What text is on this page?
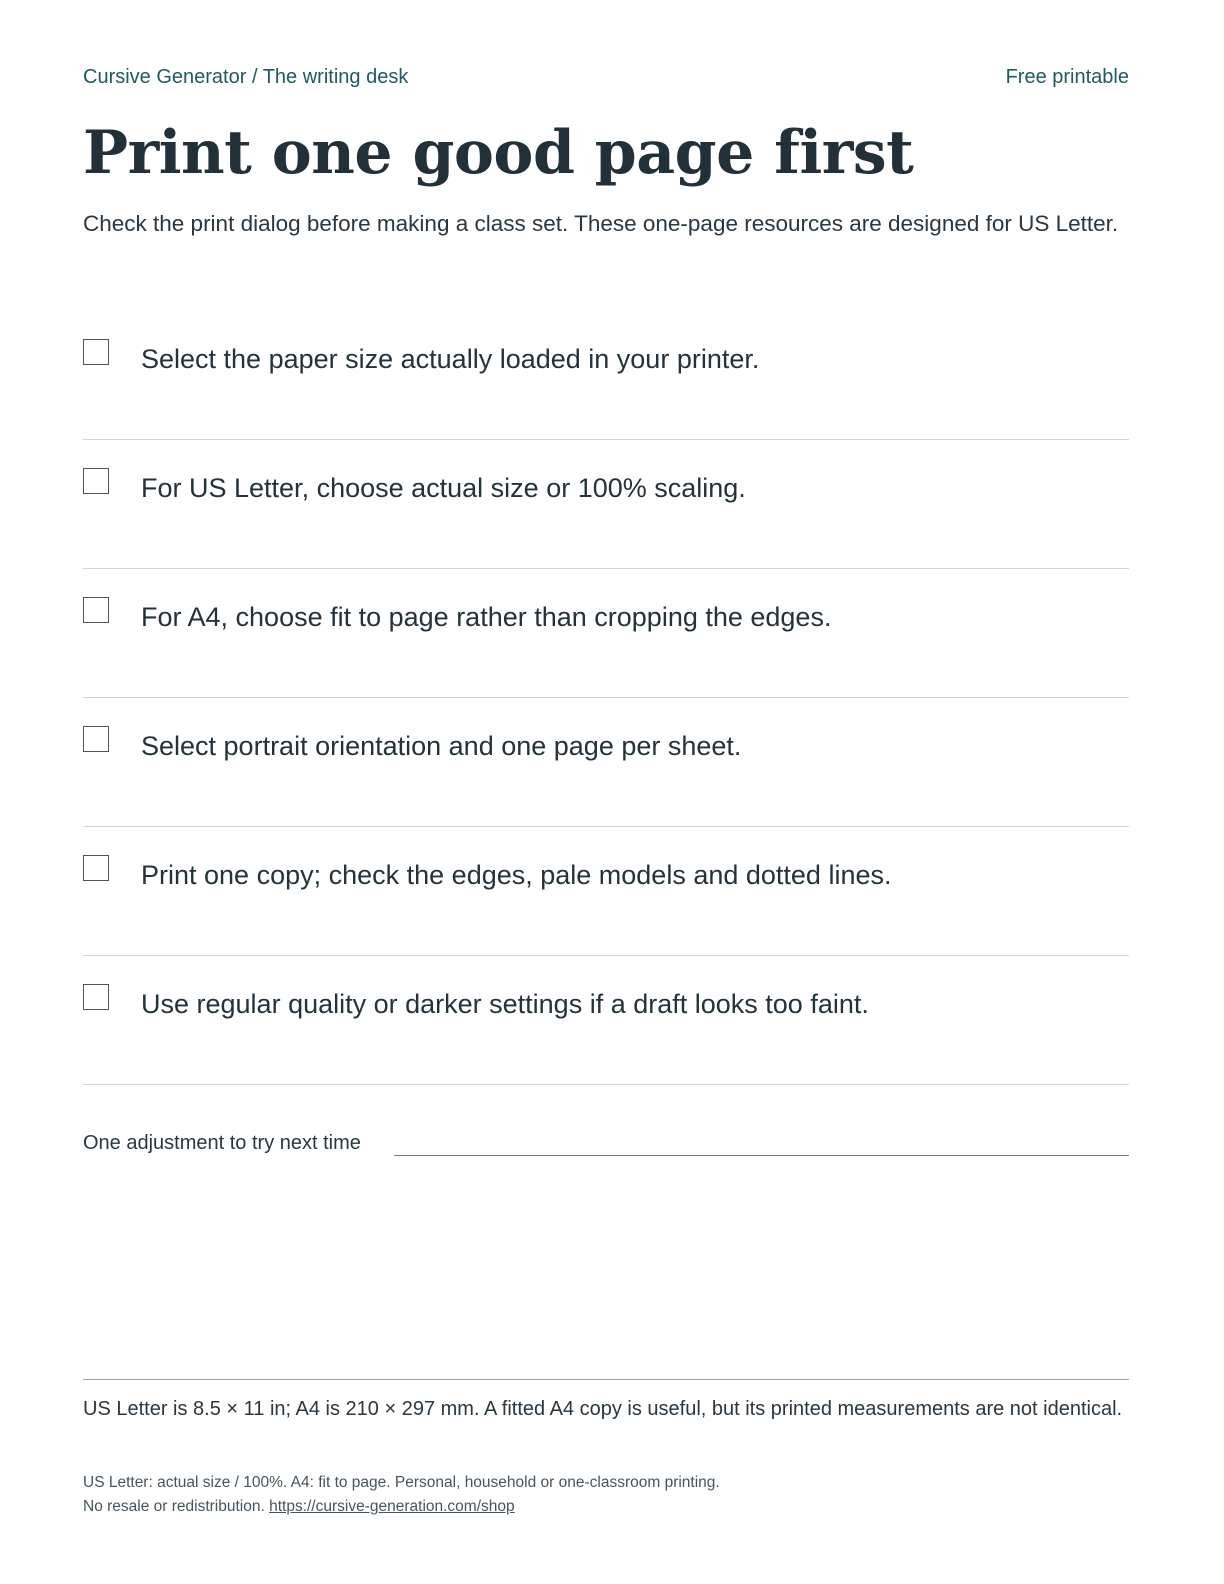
Cursive Generator / The writing desk	Free printable
Print one good page first

Check the print dialog before making a class set. These one-page resources are designed for US Letter.

Select the paper size actually loaded in your printer.
For US Letter, choose actual size or 100% scaling.
For A4, choose fit to page rather than cropping the edges.
Select portrait orientation and one page per sheet.
Print one copy; check the edges, pale models and dotted lines.
Use regular quality or darker settings if a draft looks too faint.
One adjustment to try next time

US Letter is 8.5 × 11 in; A4 is 210 × 297 mm. A fitted A4 copy is useful, but its printed measurements are not identical.

US Letter: actual size / 100%. A4: fit to page. Personal, household or one-classroom printing.
No resale or redistribution. https://cursive-generation.com/shop
